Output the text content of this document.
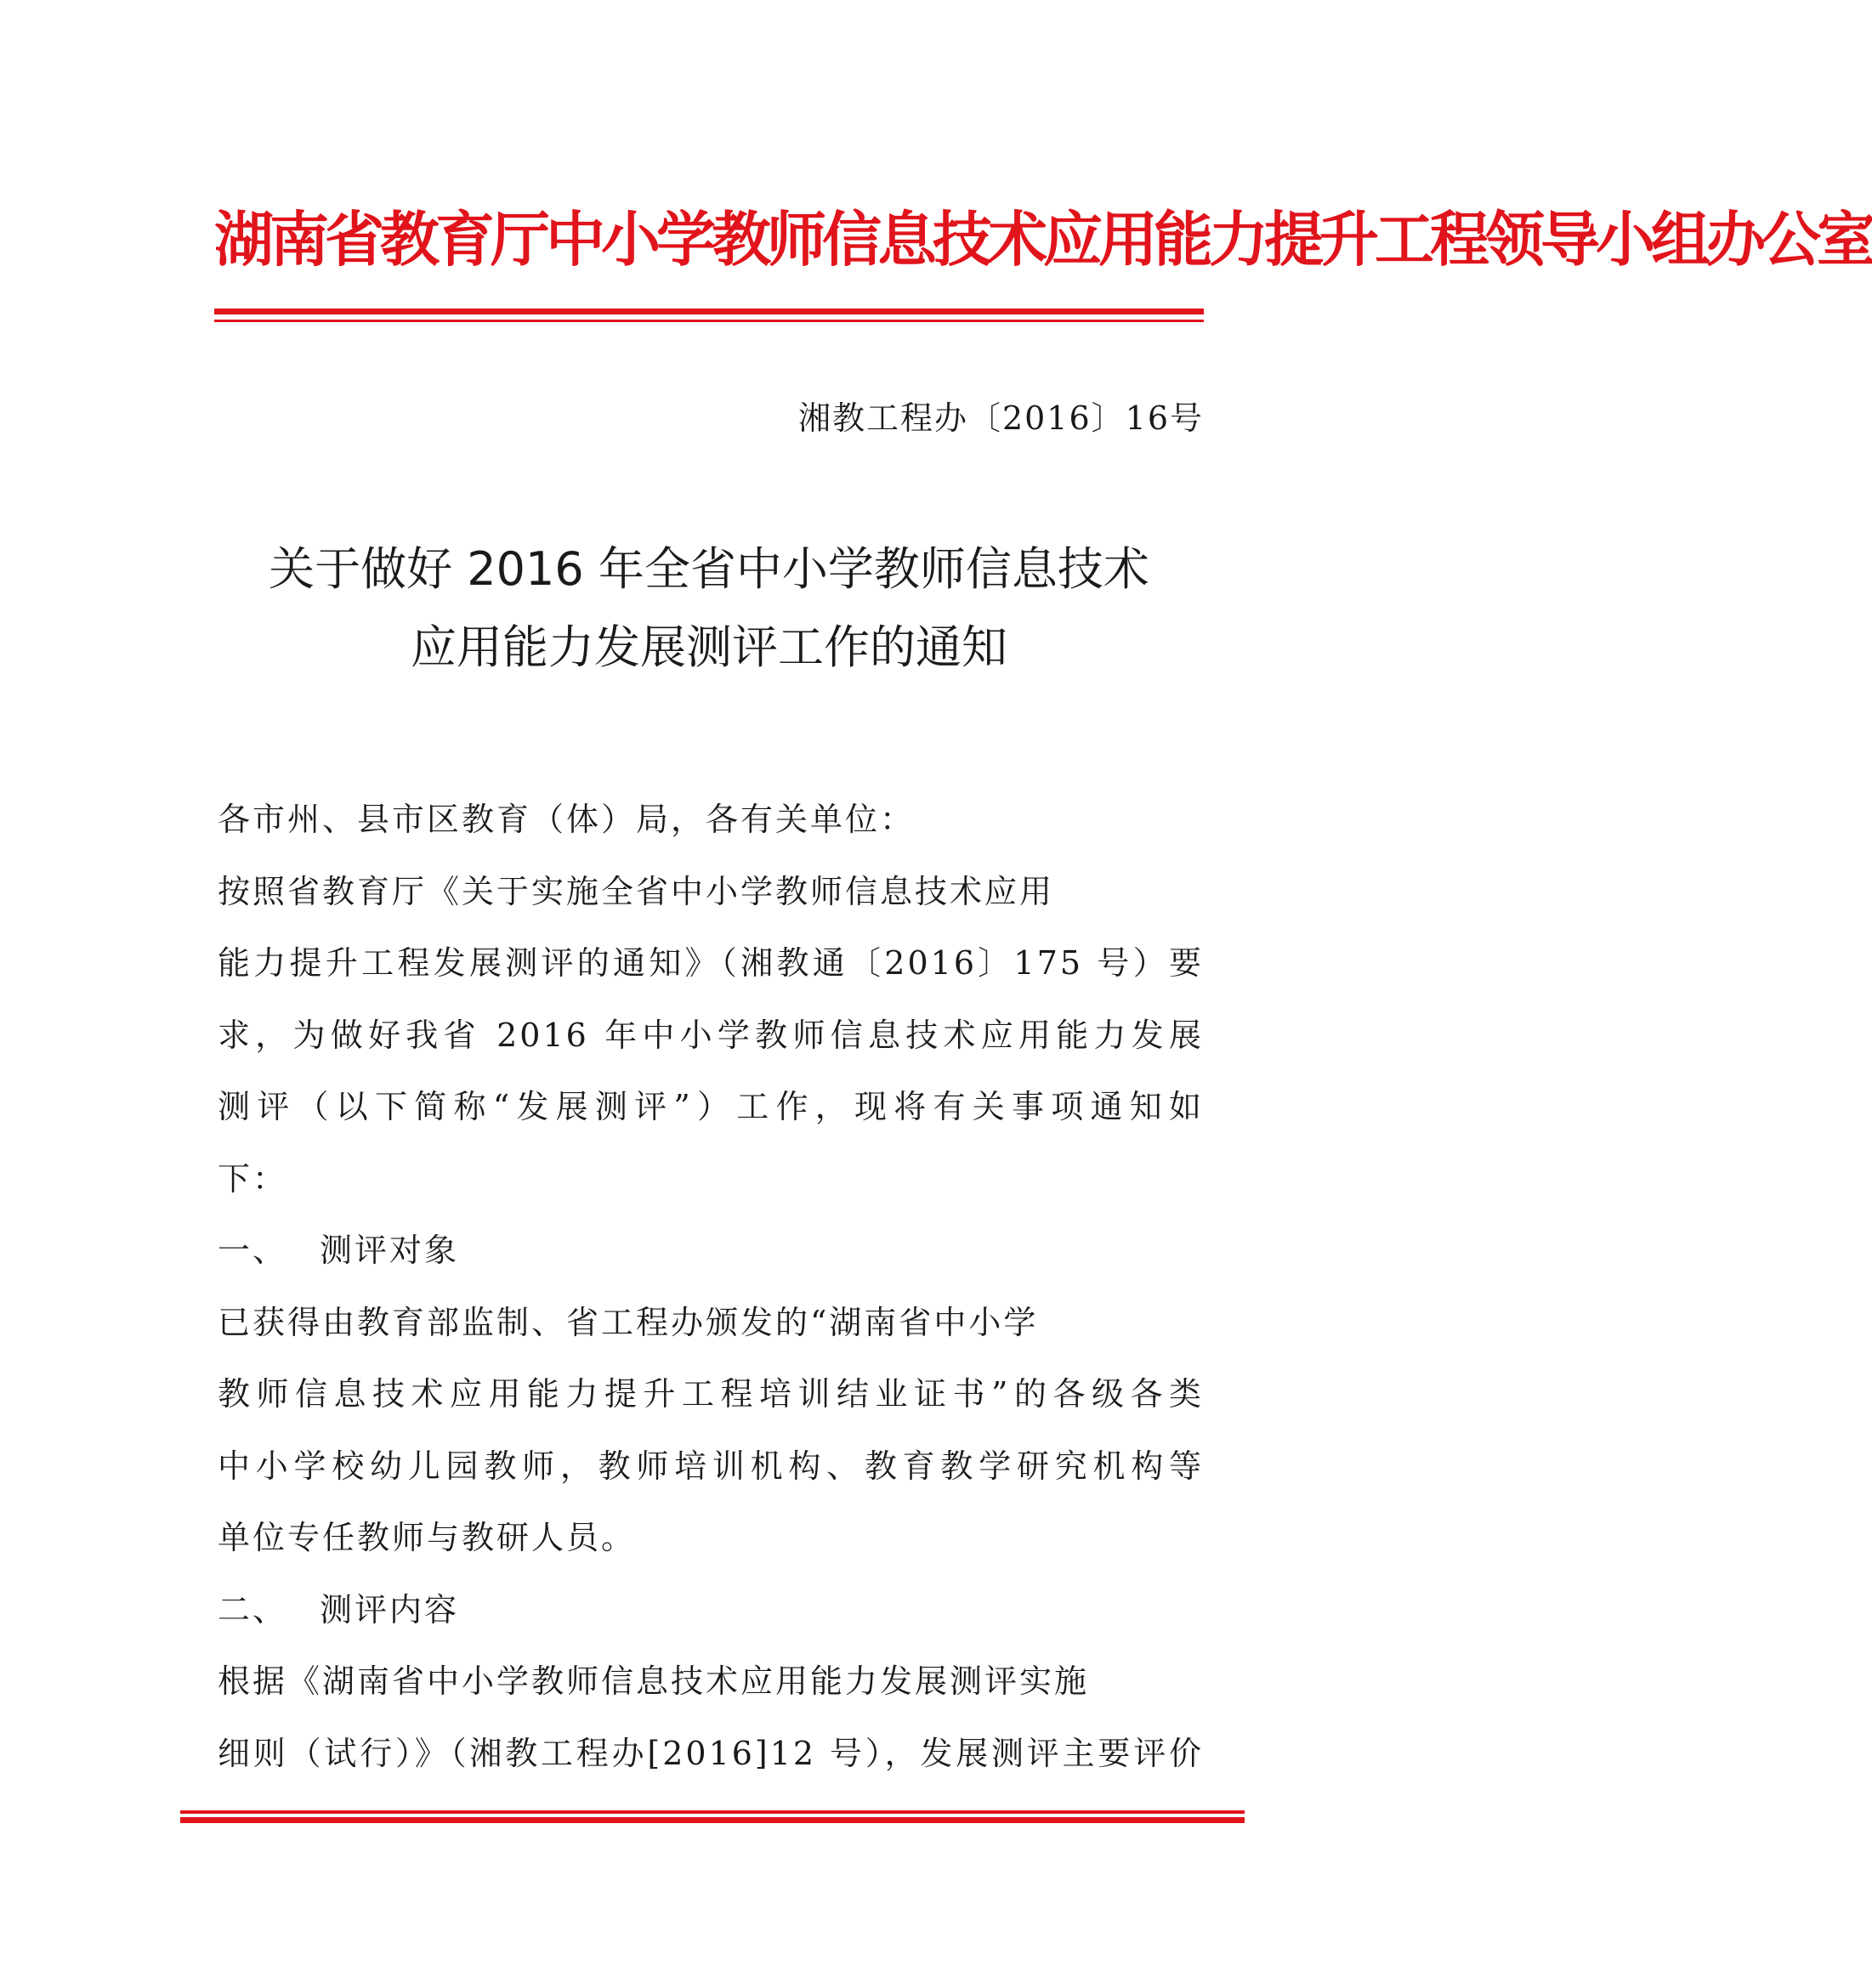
湖南省教育厅中小学教师信息技术应用能力提升工程领导小组办公室
湘教工程办〔2016〕16号
关于做好 2016 年全省中小学教师信息技术
应用能力发展测评工作的通知

各市州、县市区教育（体）局，各有关单位：

按照省教育厅《关于实施全省中小学教师信息技术应用

能力提升工程发展测评的通知》（湘教通〔2016〕175 号）要

求，为做好我省 2016 年中小学教师信息技术应用能力发展

测评（以下简称“发展测评”）工作，现将有关事项通知如

下：

一、 测评对象

已获得由教育部监制、省工程办颁发的“湖南省中小学

教师信息技术应用能力提升工程培训结业证书”的各级各类

中小学校幼儿园教师，教师培训机构、教育教学研究机构等

单位专任教师与教研人员。

二、 测评内容

根据《湖南省中小学教师信息技术应用能力发展测评实施

细则（试行）》（湘教工程办[2016]12 号），发展测评主要评价
